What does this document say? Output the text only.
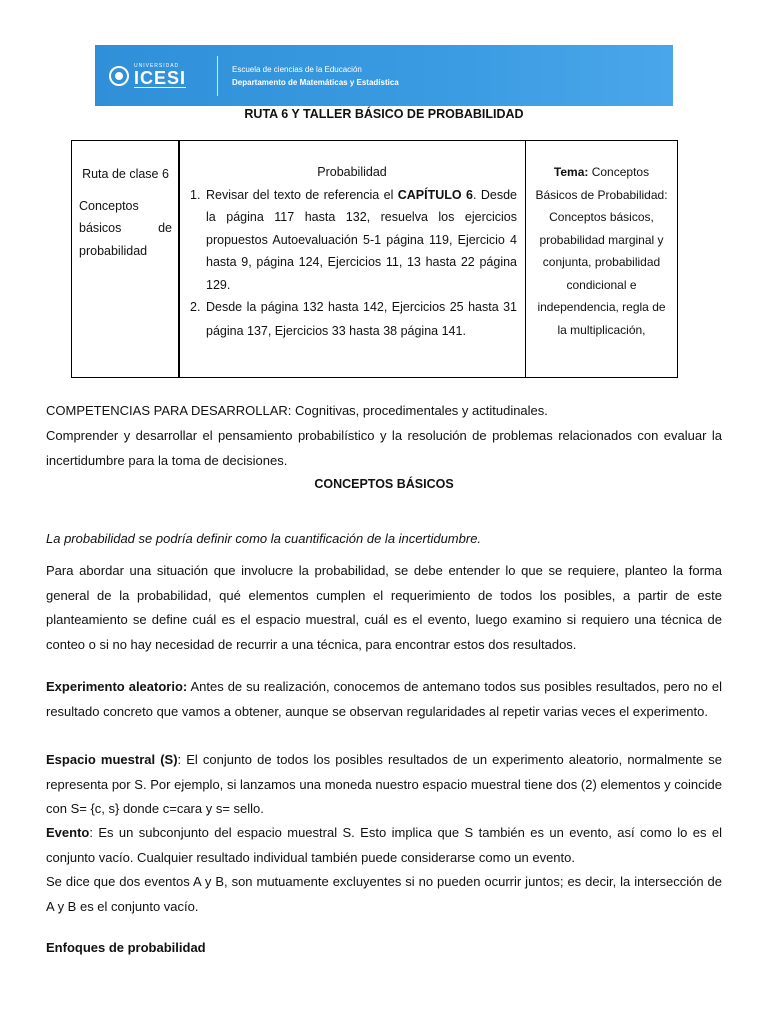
UNIVERSIDAD
ICESI	Escuela de ciencias de la Educación
Departamento de Matemáticas y Estadística
RUTA 6 Y TALLER BÁSICO DE PROBABILIDAD
Ruta de clase 6
Conceptos
básicos	de
probabilidad
Probabilidad
1. Revisar del texto de referencia el CAPÍTULO 6. Desde la página 117 hasta 132, resuelva los ejercicios propuestos Autoevaluación 5-1 página 119, Ejercicio 4 hasta 9, página 124, Ejercicios 11, 13 hasta 22 página 129.
2. Desde la página 132 hasta 142, Ejercicios 25 hasta 31 página 137, Ejercicios 33 hasta 38 página 141.
Tema: Conceptos Básicos de Probabilidad: Conceptos básicos, probabilidad marginal y conjunta, probabilidad condicional e independencia, regla de la multiplicación,
COMPETENCIAS PARA DESARROLLAR: Cognitivas, procedimentales y actitudinales.
Comprender y desarrollar el pensamiento probabilístico y la resolución de problemas relacionados con evaluar la incertidumbre para la toma de decisiones.
CONCEPTOS BÁSICOS
La probabilidad se podría definir como la cuantificación de la incertidumbre.
Para abordar una situación que involucre la probabilidad, se debe entender lo que se requiere, planteo la forma general de la probabilidad, qué elementos cumplen el requerimiento de todos los posibles, a partir de este planteamiento se define cuál es el espacio muestral, cuál es el evento, luego examino si requiero una técnica de conteo o si no hay necesidad de recurrir a una técnica, para encontrar estos dos resultados.
Experimento aleatorio: Antes de su realización, conocemos de antemano todos sus posibles resultados, pero no el resultado concreto que vamos a obtener, aunque se observan regularidades al repetir varias veces el experimento.
Espacio muestral (S): El conjunto de todos los posibles resultados de un experimento aleatorio, normalmente se representa por S. Por ejemplo, si lanzamos una moneda nuestro espacio muestral tiene dos (2) elementos y coincide con S= {c, s} donde c=cara y s= sello.
Evento: Es un subconjunto del espacio muestral S. Esto implica que S también es un evento, así como lo es el conjunto vacío. Cualquier resultado individual también puede considerarse como un evento.
Se dice que dos eventos A y B, son mutuamente excluyentes si no pueden ocurrir juntos; es decir, la intersección de A y B es el conjunto vacío.
Enfoques de probabilidad
